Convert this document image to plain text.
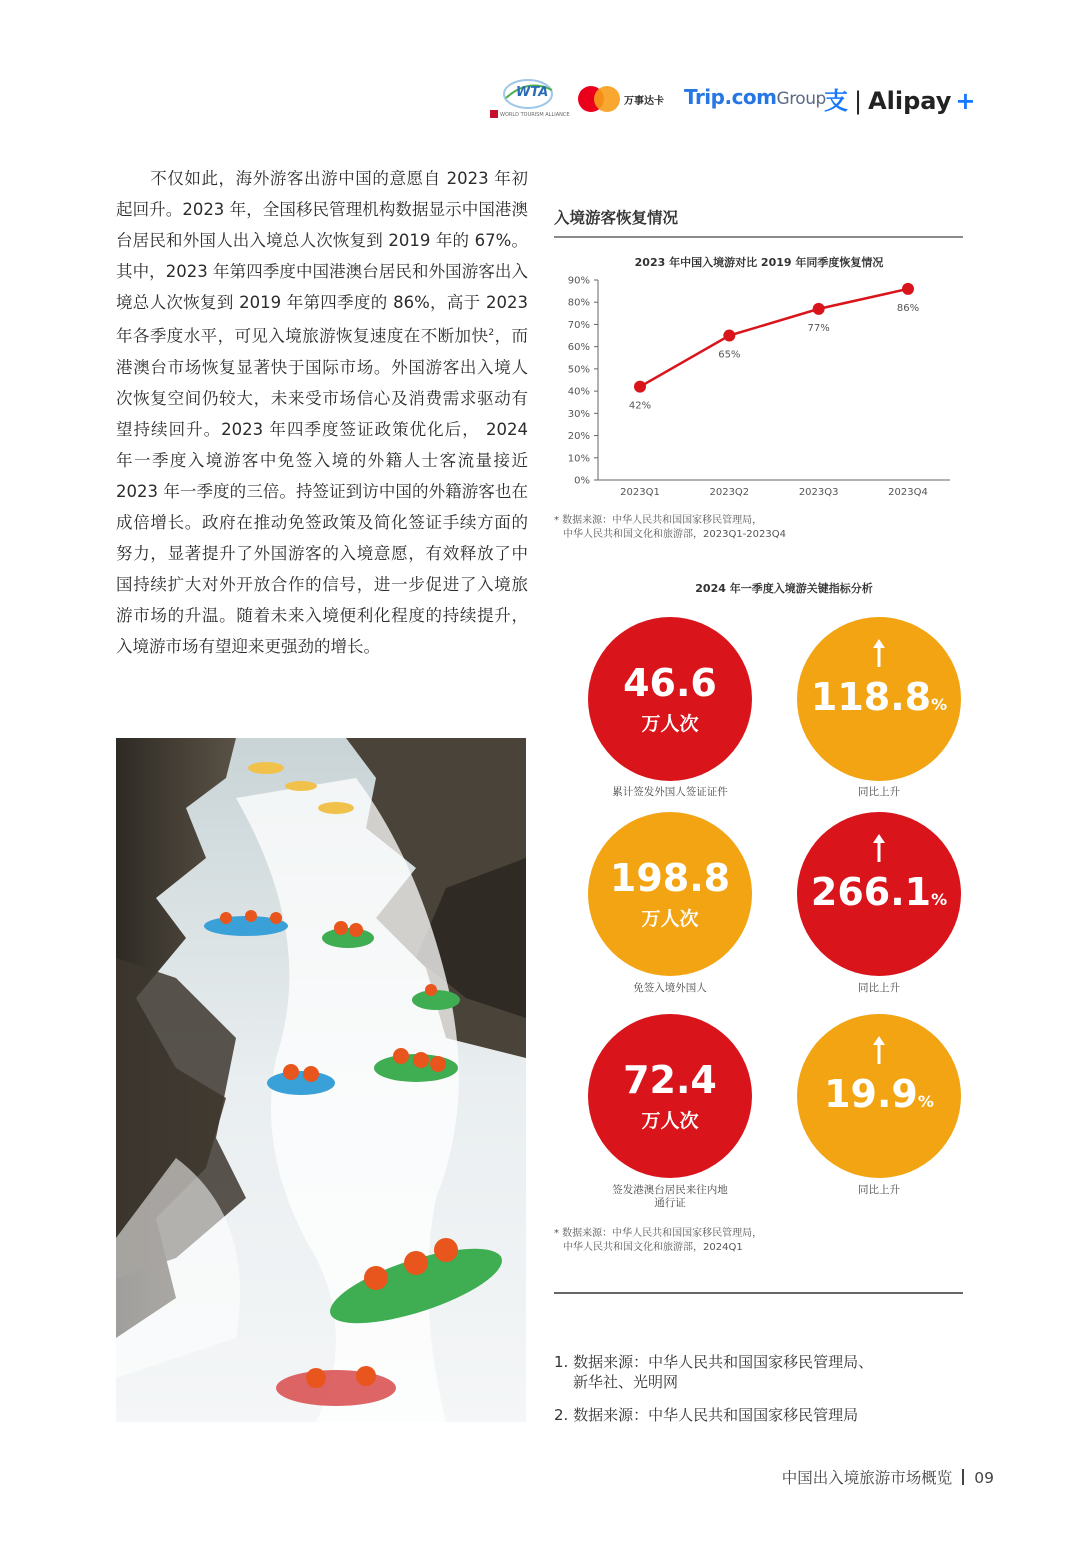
WTA
WORLD TOURISM ALLIANCE
万事达卡 Trip.comGroup
支 | Alipay +
　　不仅如此，海外游客出游中国的意愿自 2023 年初起回升。2023 年，全国移民管理机构数据显示中国港澳台居民和外国人出入境总人次恢复到 2019 年的 67%。其中，2023 年第四季度中国港澳台居民和外国游客出入境总人次恢复到 2019 年第四季度的 86%，高于 2023 年各季度水平，可见入境旅游恢复速度在不断加快$^2$，而港澳台市场恢复显著快于国际市场。外国游客出入境人次恢复空间仍较大，未来受市场信心及消费需求驱动有望持续回升。2023 年四季度签证政策优化后， 2024 年一季度入境游客中免签入境的外籍人士客流量接近 2023 年一季度的三倍。持签证到访中国的外籍游客也在成倍增长。政府在推动免签政策及简化签证手续方面的努力，显著提升了外国游客的入境意愿，有效释放了中国持续扩大对外开放合作的信号，进一步促进了入境旅游市场的升温。随着未来入境便利化程度的持续提升，入境游市场有望迎来更强劲的增长。
入境游客恢复情况
2023 年中国入境游对比 2019 年同季度恢复情况
0%
10%
20%
30%
40%
50%
60%
70%
80%
90%
2023Q1	2023Q2	2023Q3	2023Q4
42%
65%
77%
86%
* 数据来源：中华人民共和国国家移民管理局，
中华人民共和国文化和旅游部，2023Q1-2023Q4
2024 年一季度入境游关键指标分析
46.6
万人次
累计签发外国人签证证件
118.8%
同比上升
198.8
万人次
免签入境外国人
266.1%
同比上升
72.4
万人次
签发港澳台居民来往内地
通行证
19.9%
同比上升
* 数据来源：中华人民共和国国家移民管理局，
中华人民共和国文化和旅游部，2024Q1
1. 数据来源：中华人民共和国国家移民管理局、
新华社、光明网
2. 数据来源：中华人民共和国国家移民管理局
中国出入境旅游市场概览 09
